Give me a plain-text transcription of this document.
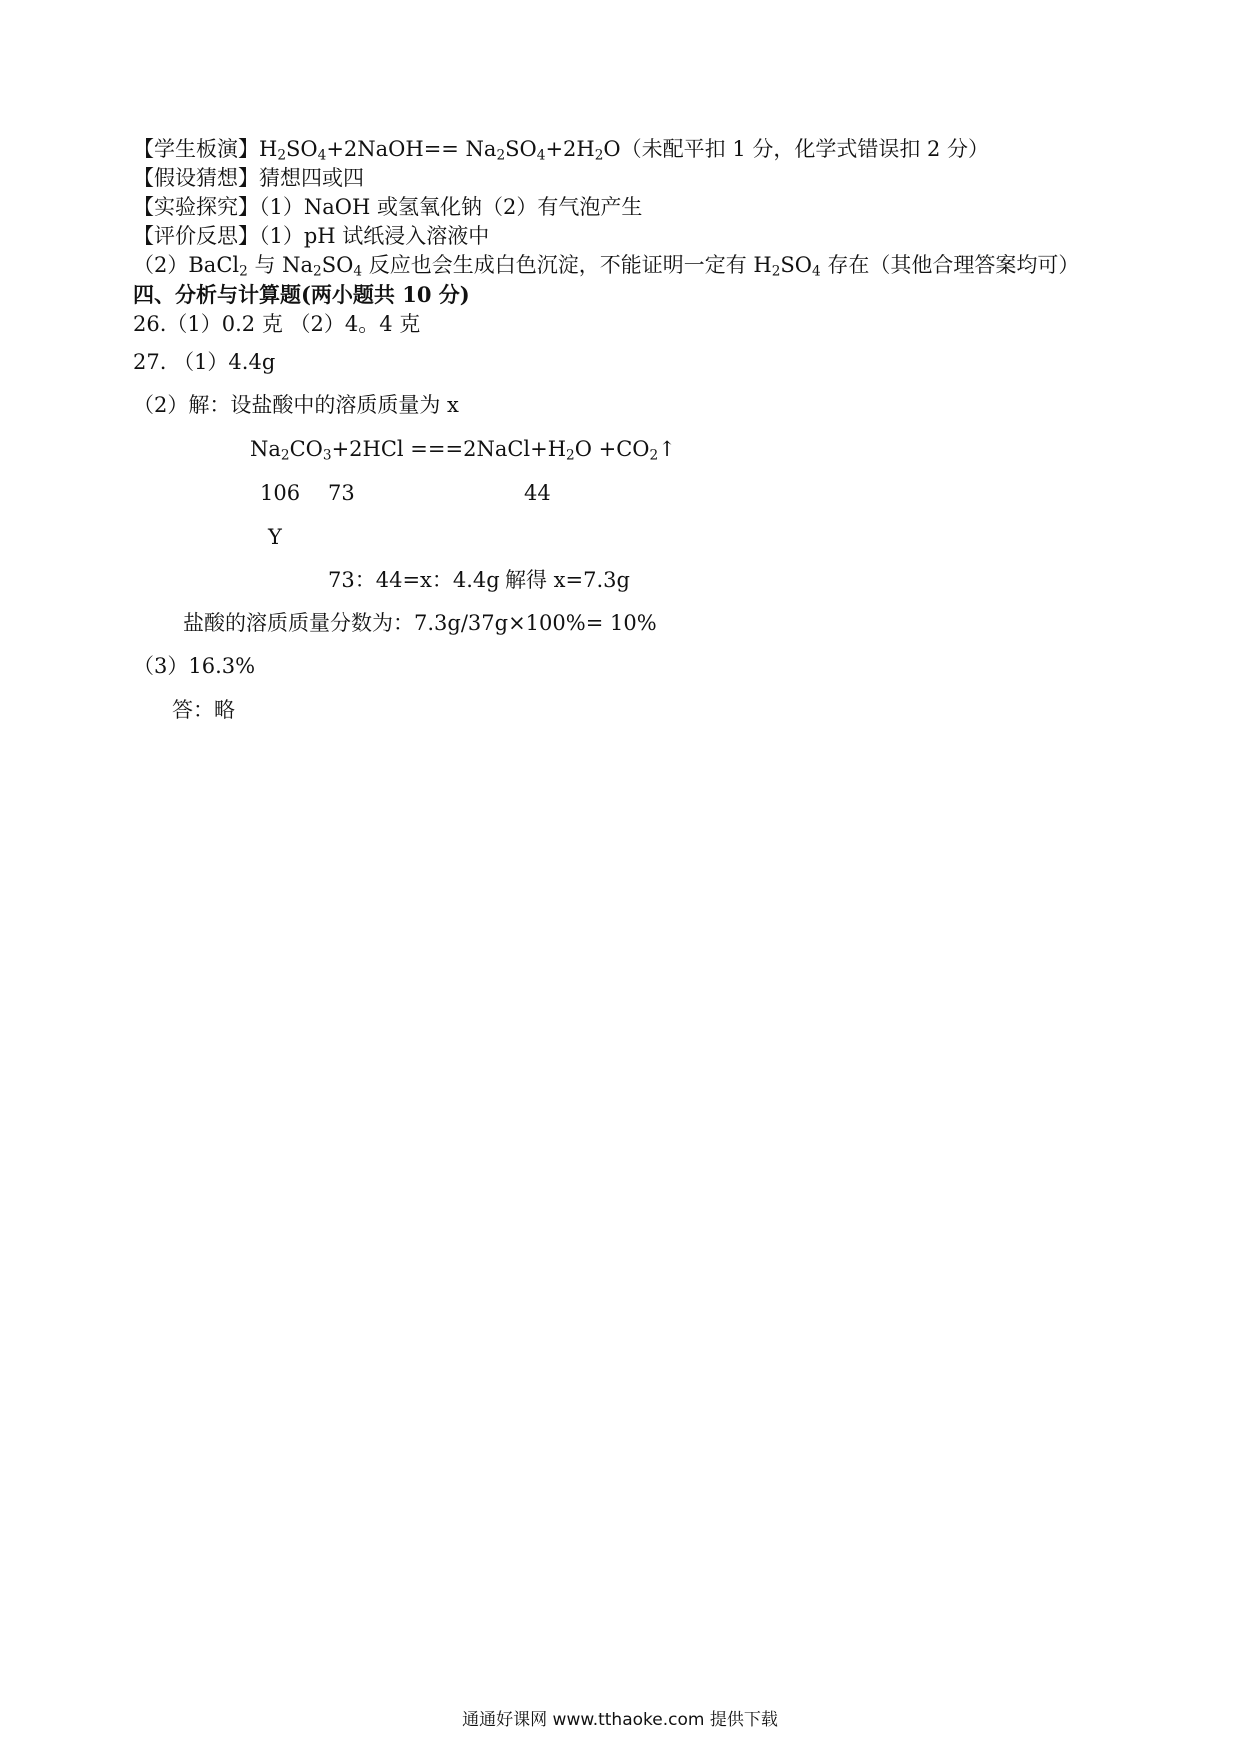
【学生板演】$H_2SO_4+2NaOH== Na_2SO_4+2H_2O$（未配平扣 1 分，化学式错误扣 2 分）
【假设猜想】猜想四或四
【实验探究】（1）NaOH 或氢氧化钠（2）有气泡产生
【评价反思】（1）pH 试纸浸入溶液中
（2）BaCl$_2$ 与 $Na_2SO_4$ 反应也会生成白色沉淀，不能证明一定有 $H_2SO_4$ 存在（其他合理答案均可）
四、分析与计算题(两小题共 10 分)
26.（1）0.2 克 （2）4。4 克
27. （1）4.4g
（2）解：设盐酸中的溶质质量为 x
$Na_2CO_3+2HCl$ $===2NaCl+H_2O$ $+CO_2↑$
106 73	44
Y
73：44=x：4.4g 解得 x=7.3g
盐酸的溶质质量分数为：7.3g/37g×100%= 10%
（3）16.3%
答：略
通通好课网 www.tthaoke.com 提供下载
